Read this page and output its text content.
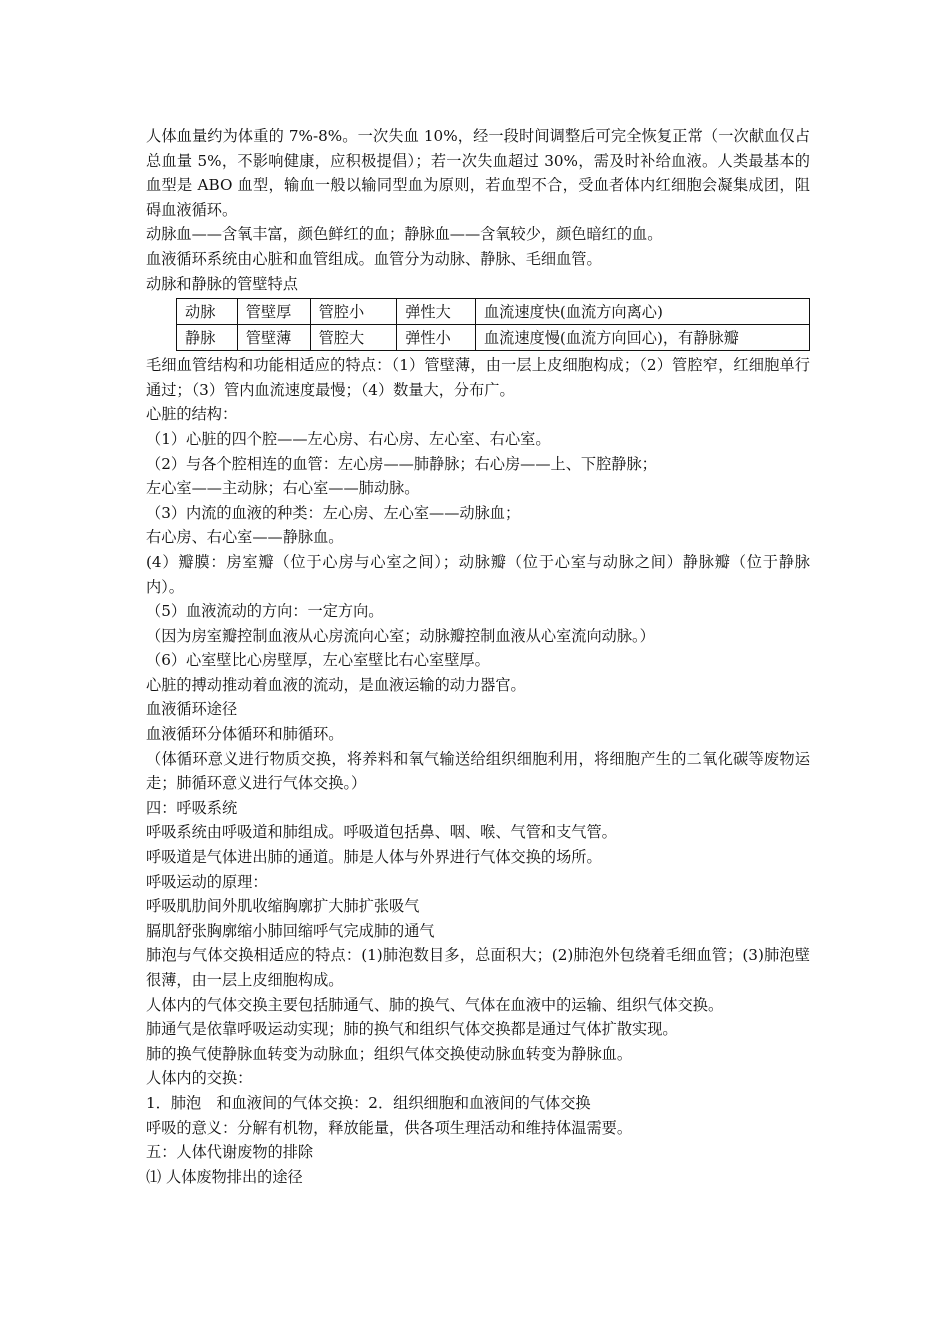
人体血量约为体重的 7%-8%。一次失血 10%，经一段时间调整后可完全恢复正常（一次献血仅占总血量 5%，不影响健康，应积极提倡）；若一次失血超过 30%，需及时补给血液。人类最基本的血型是 ABO 血型，输血一般以输同型血为原则，若血型不合，受血者体内红细胞会凝集成团，阻碍血液循环。

动脉血——含氧丰富，颜色鲜红的血；静脉血——含氧较少，颜色暗红的血。

血液循环系统由心脏和血管组成。血管分为动脉、静脉、毛细血管。

动脉和静脉的管壁特点

动脉	管壁厚	管腔小	弹性大	血流速度快(血流方向离心)
静脉	管壁薄	管腔大	弹性小	血流速度慢(血流方向回心)，有静脉瓣

毛细血管结构和功能相适应的特点：（1）管壁薄，由一层上皮细胞构成；（2）管腔窄，红细胞单行通过；（3）管内血流速度最慢；（4）数量大，分布广。

心脏的结构：

（1）心脏的四个腔——左心房、右心房、左心室、右心室。

（2）与各个腔相连的血管：左心房——肺静脉；右心房——上、下腔静脉；

左心室——主动脉；右心室——肺动脉。

（3）内流的血液的种类：左心房、左心室——动脉血；

右心房、右心室——静脉血。

(4）瓣膜：房室瓣（位于心房与心室之间）；动脉瓣（位于心室与动脉之间）静脉瓣（位于静脉内）。

（5）血液流动的方向：一定方向。

（因为房室瓣控制血液从心房流向心室；动脉瓣控制血液从心室流向动脉。）

（6）心室壁比心房壁厚，左心室壁比右心室壁厚。

心脏的搏动推动着血液的流动，是血液运输的动力器官。

血液循环途径

血液循环分体循环和肺循环。

（体循环意义进行物质交换，将养料和氧气输送给组织细胞利用，将细胞产生的二氧化碳等废物运走；肺循环意义进行气体交换。）

四：呼吸系统

呼吸系统由呼吸道和肺组成。呼吸道包括鼻、咽、喉、气管和支气管。

呼吸道是气体进出肺的通道。肺是人体与外界进行气体交换的场所。

呼吸运动的原理：

呼吸肌肋间外肌收缩胸廓扩大肺扩张吸气

膈肌舒张胸廓缩小肺回缩呼气完成肺的通气

肺泡与气体交换相适应的特点：(1)肺泡数目多，总面积大；(2)肺泡外包绕着毛细血管；(3)肺泡壁很薄，由一层上皮细胞构成。

人体内的气体交换主要包括肺通气、肺的换气、气体在血液中的运输、组织气体交换。

肺通气是依靠呼吸运动实现；肺的换气和组织气体交换都是通过气体扩散实现。

肺的换气使静脉血转变为动脉血；组织气体交换使动脉血转变为静脉血。

人体内的交换：

1．肺泡　和血液间的气体交换：2．组织细胞和血液间的气体交换

呼吸的意义：分解有机物，释放能量，供各项生理活动和维持体温需要。

五：人体代谢废物的排除

⑴ 人体废物排出的途径
